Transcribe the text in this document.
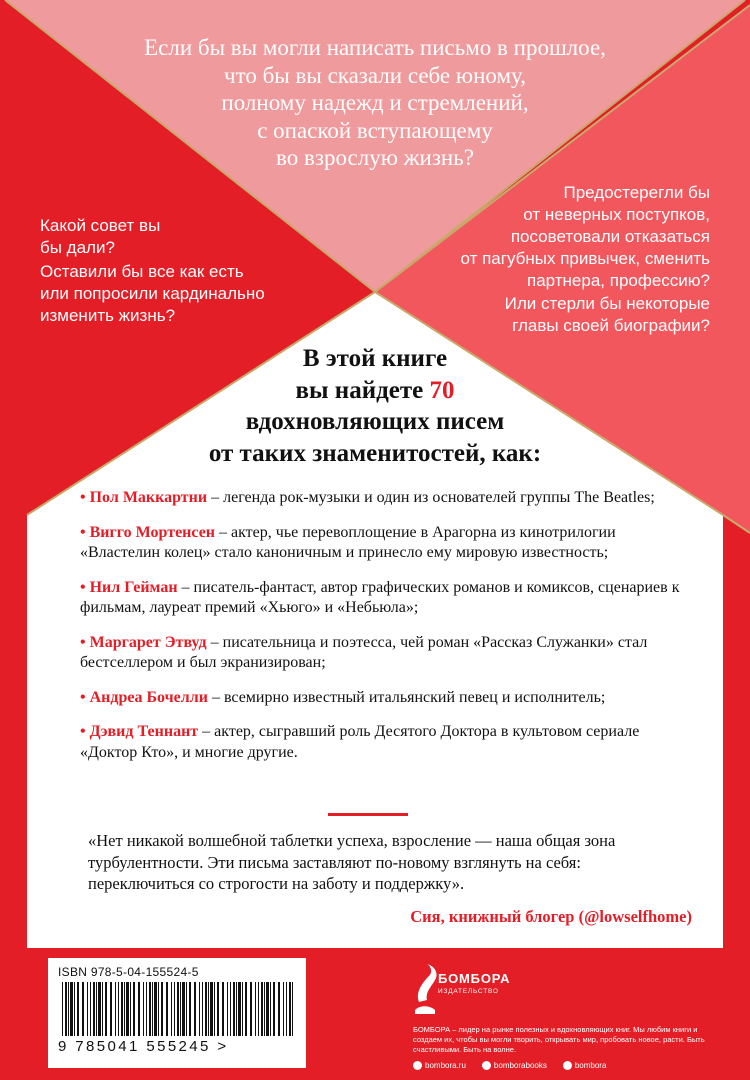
Если бы вы могли написать письмо в прошлое,
что бы вы сказали себе юному,
полному надежд и стремлений,
с опаской вступающему
во взрослую жизнь?
Какой совет вы
бы дали?
Оставили бы все как есть
или попросили кардинально
изменить жизнь?
Предостерегли бы
от неверных поступков,
посоветовали отказаться
от пагубных привычек, сменить
партнера, профессию?
Или стерли бы некоторые
главы своей биографии?
В этой книге
вы найдете 70
вдохновляющих писем
от таких знаменитостей, как:
• Пол Маккартни – легенда рок-музыки и один из основателей группы The Beatles;
• Вигго Мортенсен – актер, чье перевоплощение в Арагорна из кинотрилогии «Властелин колец» стало каноничным и принесло ему мировую известность;
• Нил Гейман – писатель-фантаст, автор графических романов и комиксов, сценариев к фильмам, лауреат премий «Хьюго» и «Небьюла»;
• Маргарет Этвуд – писательница и поэтесса, чей роман «Рассказ Служанки» стал бестселлером и был экранизирован;
• Андреа Бочелли – всемирно известный итальянский певец и исполнитель;
• Дэвид Теннант – актер, сыгравший роль Десятого Доктора в культовом сериале «Доктор Кто», и многие другие.

«Нет никакой волшебной таблетки успеха, взросление — наша общая зона турбулентности. Эти письма заставляют по-новому взглянуть на себя: переключиться со строгости на заботу и поддержку».

Сия, книжный блогер (@lowselfhome)
ISBN 978-5-04-155524-5
9 785041 555245 >
БОМБОРА
ИЗДАТЕЛЬСТВО
БОМБОРА – лидер на рынке полезных и вдохновляющих книг. Мы любим книги и создаем их, чтобы вы могли творить, открывать мир, пробовать новое, расти. Быть счастливыми. Быть на волне.
bombora.ru	bomborabooks	bombora
